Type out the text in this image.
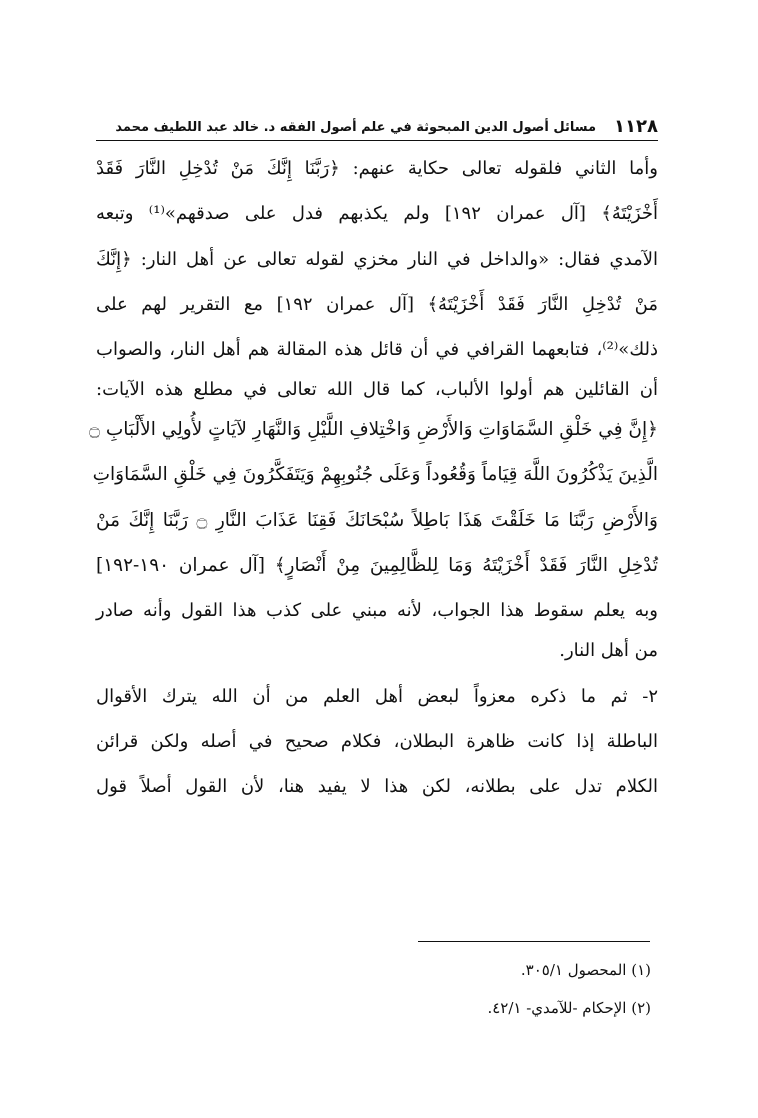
١١٢٨
مسائل أصول الدين المبحوثة في علم أصول الفقه د. خالد عبد اللطيف محمد
وأما الثاني فلقوله تعالى حكاية عنهم: ﴿رَبَّنَا إِنَّكَ مَنْ تُدْخِلِ النَّارَ فَقَدْ
أَخْزَيْتَهُ﴾ [آل عمران ١٩٢] ولم يكذبهم فدل على صدقهم»⁽¹⁾ وتبعه
الآمدي فقال: «والداخل في النار مخزي لقوله تعالى عن أهل النار: ﴿إِنَّكَ
مَنْ تُدْخِلِ النَّارَ فَقَدْ أَخْزَيْتَهُ﴾ [آل عمران ١٩٢] مع التقرير لهم على
ذلك»⁽²⁾، فتابعهما القرافي في أن قائل هذه المقالة هم أهل النار، والصواب
أن القائلين هم أولوا الألباب، كما قال الله تعالى في مطلع هذه الآيات:
﴿إِنَّ فِي خَلْقِ السَّمَاوَاتِ وَالأَرْضِ وَاخْتِلافِ اللَّيْلِ وَالنَّهَارِ لآيَاتٍ لأُولِي الأَلْبَابِ ۝
الَّذِينَ يَذْكُرُونَ اللَّهَ قِيَاماً وَقُعُوداً وَعَلَى جُنُوبِهِمْ وَيَتَفَكَّرُونَ فِي خَلْقِ السَّمَاوَاتِ
وَالأَرْضِ رَبَّنَا مَا خَلَقْتَ هَذَا بَاطِلاً سُبْحَانَكَ فَقِنَا عَذَابَ النَّارِ ۝ رَبَّنَا إِنَّكَ مَنْ
تُدْخِلِ النَّارَ فَقَدْ أَخْزَيْتَهُ وَمَا لِلظَّالِمِينَ مِنْ أَنْصَارٍ﴾ [آل عمران ١٩٠-١٩٢]
وبه يعلم سقوط هذا الجواب، لأنه مبني على كذب هذا القول وأنه صادر
من أهل النار.
٢- ثم ما ذكره معزواً لبعض أهل العلم من أن الله يترك الأقوال
الباطلة إذا كانت ظاهرة البطلان، فكلام صحيح في أصله ولكن قرائن
الكلام تدل على بطلانه، لكن هذا لا يفيد هنا، لأن القول أصلاً قول
(١) المحصول ٣٠٥/١.
(٢) الإحكام -للآمدي- ٤٢/١.
